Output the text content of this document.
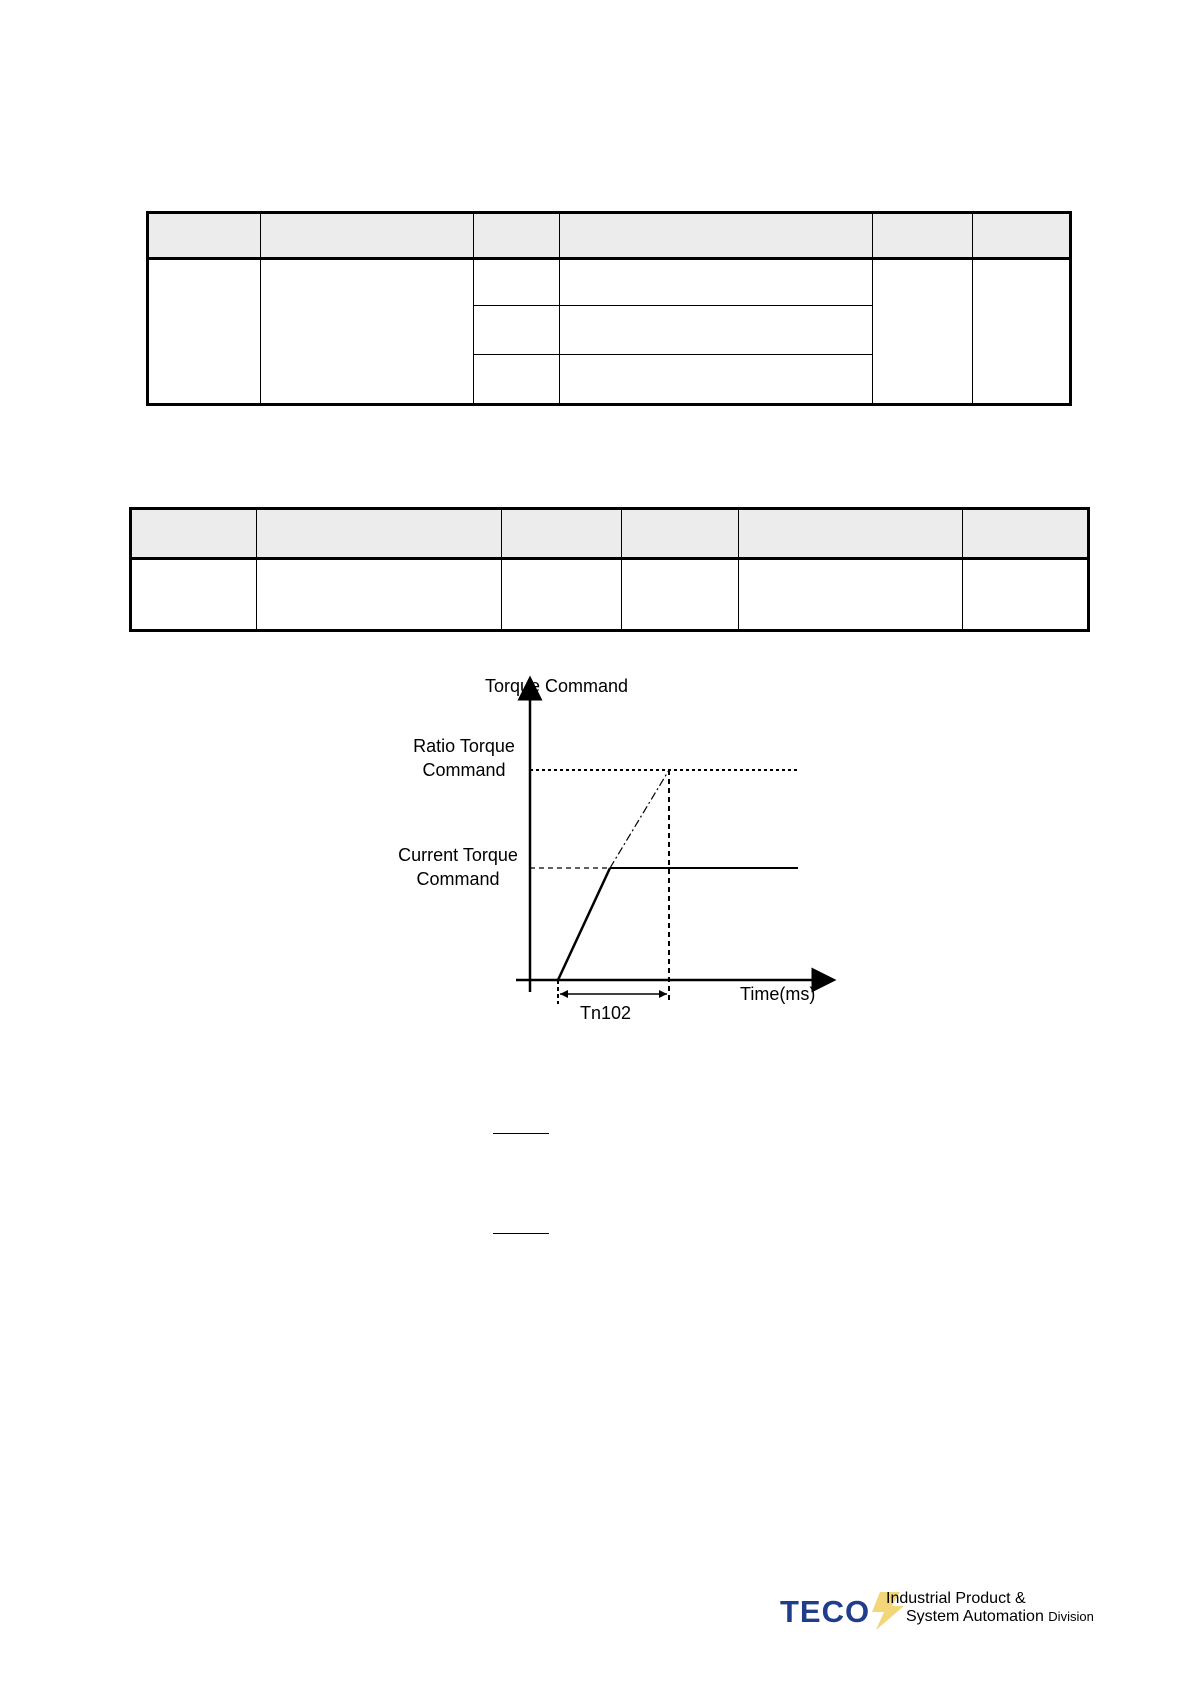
Torque Command
Ratio Torque
Command
Current Torque
Command
Tn102
Time(ms)
TECO Industrial Product &
System Automation Division
